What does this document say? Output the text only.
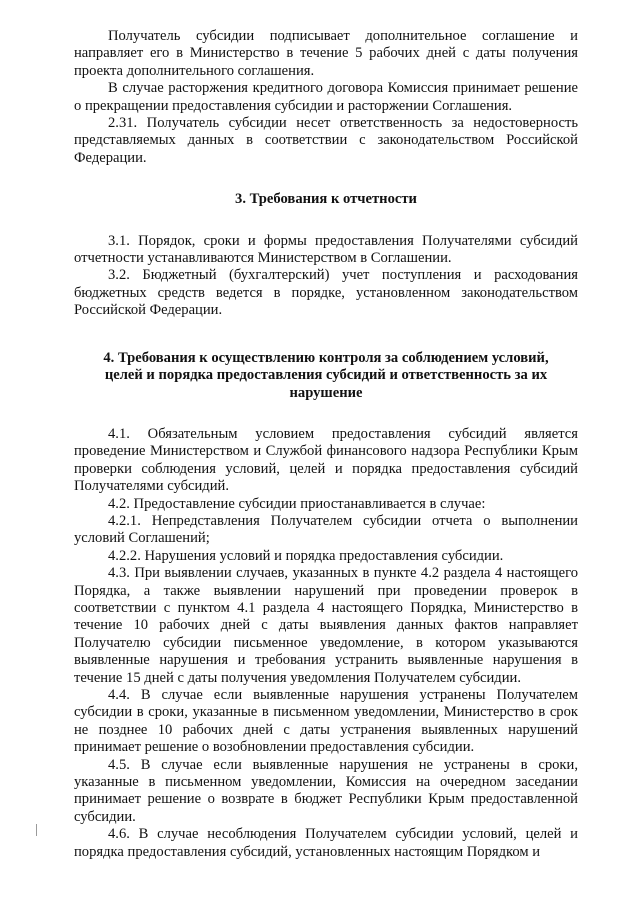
Получатель субсидии подписывает дополнительное соглашение и направляет его в Министерство в течение 5 рабочих дней с даты получения проекта дополнительного соглашения.

В случае расторжения кредитного договора Комиссия принимает решение о прекращении предоставления субсидии и расторжении Соглашения.

2.31. Получатель субсидии несет ответственность за недостоверность представляемых данных в соответствии с законодательством Российской Федерации.

3. Требования к отчетности

3.1. Порядок, сроки и формы предоставления Получателями субсидий отчетности устанавливаются Министерством в Соглашении.

3.2. Бюджетный (бухгалтерский) учет поступления и расходования бюджетных средств ведется в порядке, установленном законодательством Российской Федерации.

4. Требования к осуществлению контроля за соблюдением условий,
целей и порядка предоставления субсидий и ответственность за их
нарушение

4.1. Обязательным условием предоставления субсидий является проведение Министерством и Службой финансового надзора Республики Крым проверки соблюдения условий, целей и порядка предоставления субсидий Получателями субсидий.

4.2. Предоставление субсидии приостанавливается в случае:

4.2.1. Непредставления Получателем субсидии отчета о выполнении условий Соглашений;

4.2.2. Нарушения условий и порядка предоставления субсидии.

4.3. При выявлении случаев, указанных в пункте 4.2 раздела 4 настоящего Порядка, а также выявлении нарушений при проведении проверок в соответствии с пунктом 4.1 раздела 4 настоящего Порядка, Министерство в течение 10 рабочих дней с даты выявления данных фактов направляет Получателю субсидии письменное уведомление, в котором указываются выявленные нарушения и требования устранить выявленные нарушения в течение 15 дней с даты получения уведомления Получателем субсидии.

4.4. В случае если выявленные нарушения устранены Получателем субсидии в сроки, указанные в письменном уведомлении, Министерство в срок не позднее 10 рабочих дней с даты устранения выявленных нарушений принимает решение о возобновлении предоставления субсидии.

4.5. В случае если выявленные нарушения не устранены в сроки, указанные в письменном уведомлении, Комиссия на очередном заседании принимает решение о возврате в бюджет Республики Крым предоставленной субсидии.

4.6. В случае несоблюдения Получателем субсидии условий, целей и порядка предоставления субсидий, установленных настоящим Порядком и
